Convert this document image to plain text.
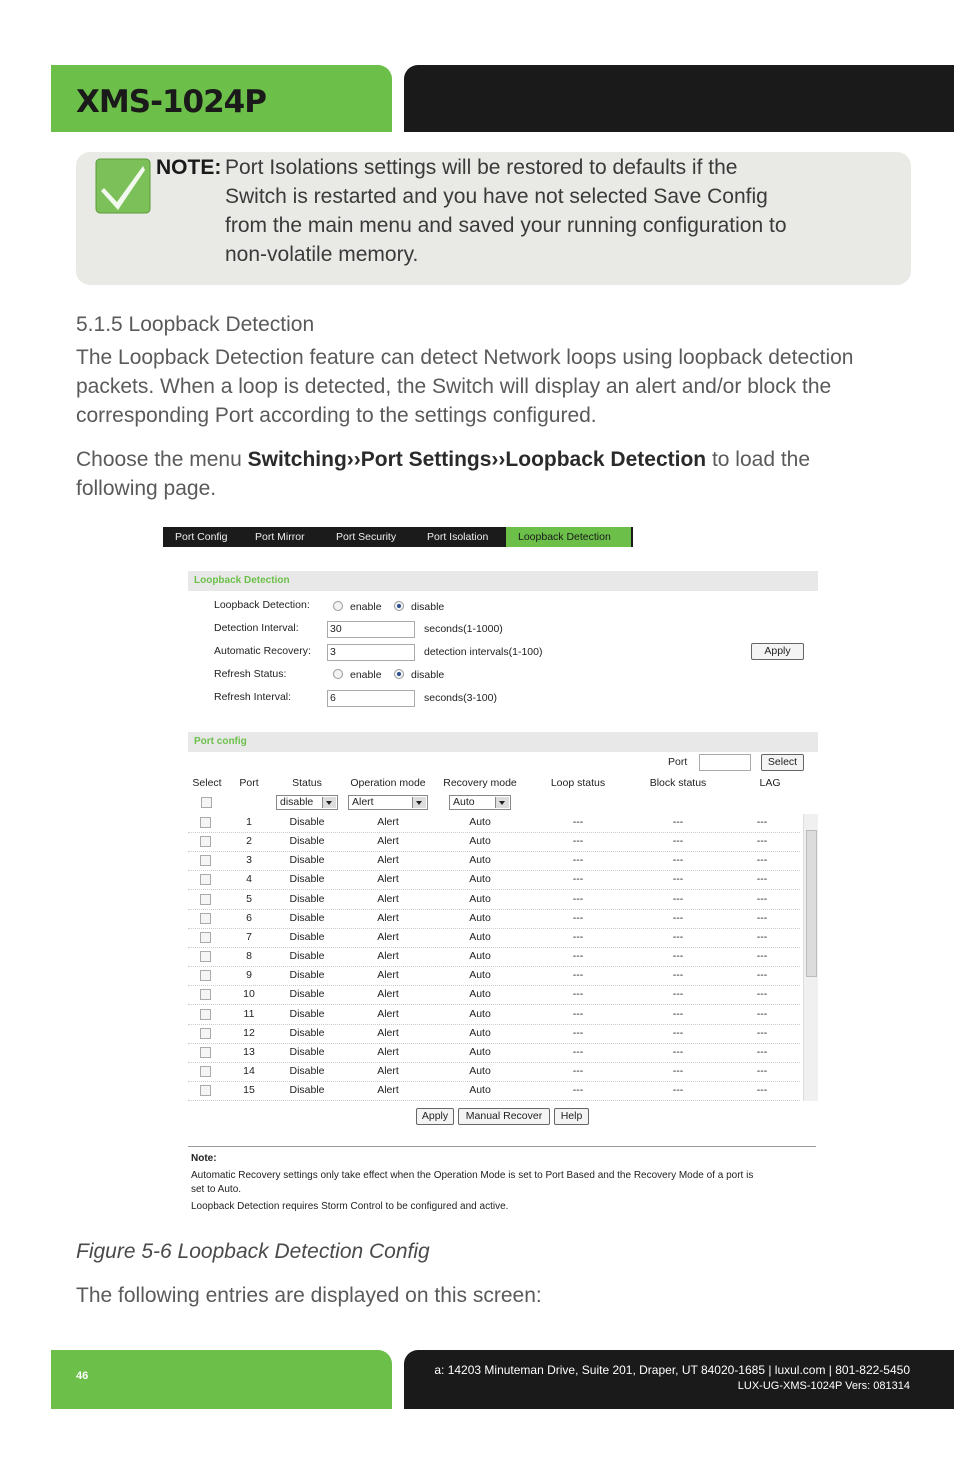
XMS-1024P
NOTE: Port Isolations settings will be restored to defaults if the
Switch is restarted and you have not selected Save Config
from the main menu and saved your running configuration to
non-volatile memory.
5.1.5 Loopback Detection
The Loopback Detection feature can detect Network loops using loopback detection
packets. When a loop is detected, the Switch will display an alert and/or block the
corresponding Port according to the settings configured.
Choose the menu Switching››Port Settings››Loopback Detection to load the
following page.
Port Config	Port Mirror	Port Security	Port Isolation	Loopback Detection
Loopback Detection
Loopback Detection:	enable	disable
Detection Interval:	30	seconds(1-1000)
Automatic Recovery: 3	detection intervals(1-100)	Apply
Refresh Status:	enable	disable
Refresh Interval:	6	seconds(3-100)
Port config
Port	Select
Select	Port	Status	Operation mode	Recovery mode	Loop status	Block status	LAG
disable	Alert	Auto
1	Disable	Alert	Auto	---	---	---
2	Disable	Alert	Auto	---	---	---
3	Disable	Alert	Auto	---	---	---
4	Disable	Alert	Auto	---	---	---
5	Disable	Alert	Auto	---	---	---
6	Disable	Alert	Auto	---	---	---
7	Disable	Alert	Auto	---	---	---
8	Disable	Alert	Auto	---	---	---
9	Disable	Alert	Auto	---	---	---
10	Disable	Alert	Auto	---	---	---
11	Disable	Alert	Auto	---	---	---
12	Disable	Alert	Auto	---	---	---
13	Disable	Alert	Auto	---	---	---
14	Disable	Alert	Auto	---	---	---
15	Disable	Alert	Auto	---	---	---
Apply	Manual Recover	Help
Note:
Automatic Recovery settings only take effect when the Operation Mode is set to Port Based and the Recovery Mode of a port is
set to Auto.
Loopback Detection requires Storm Control to be configured and active.
Figure 5-6 Loopback Detection Config
The following entries are displayed on this screen:
46	a: 14203 Minuteman Drive, Suite 201, Draper, UT 84020-1685 | luxul.com | 801-822-5450
LUX-UG-XMS-1024P Vers: 081314
